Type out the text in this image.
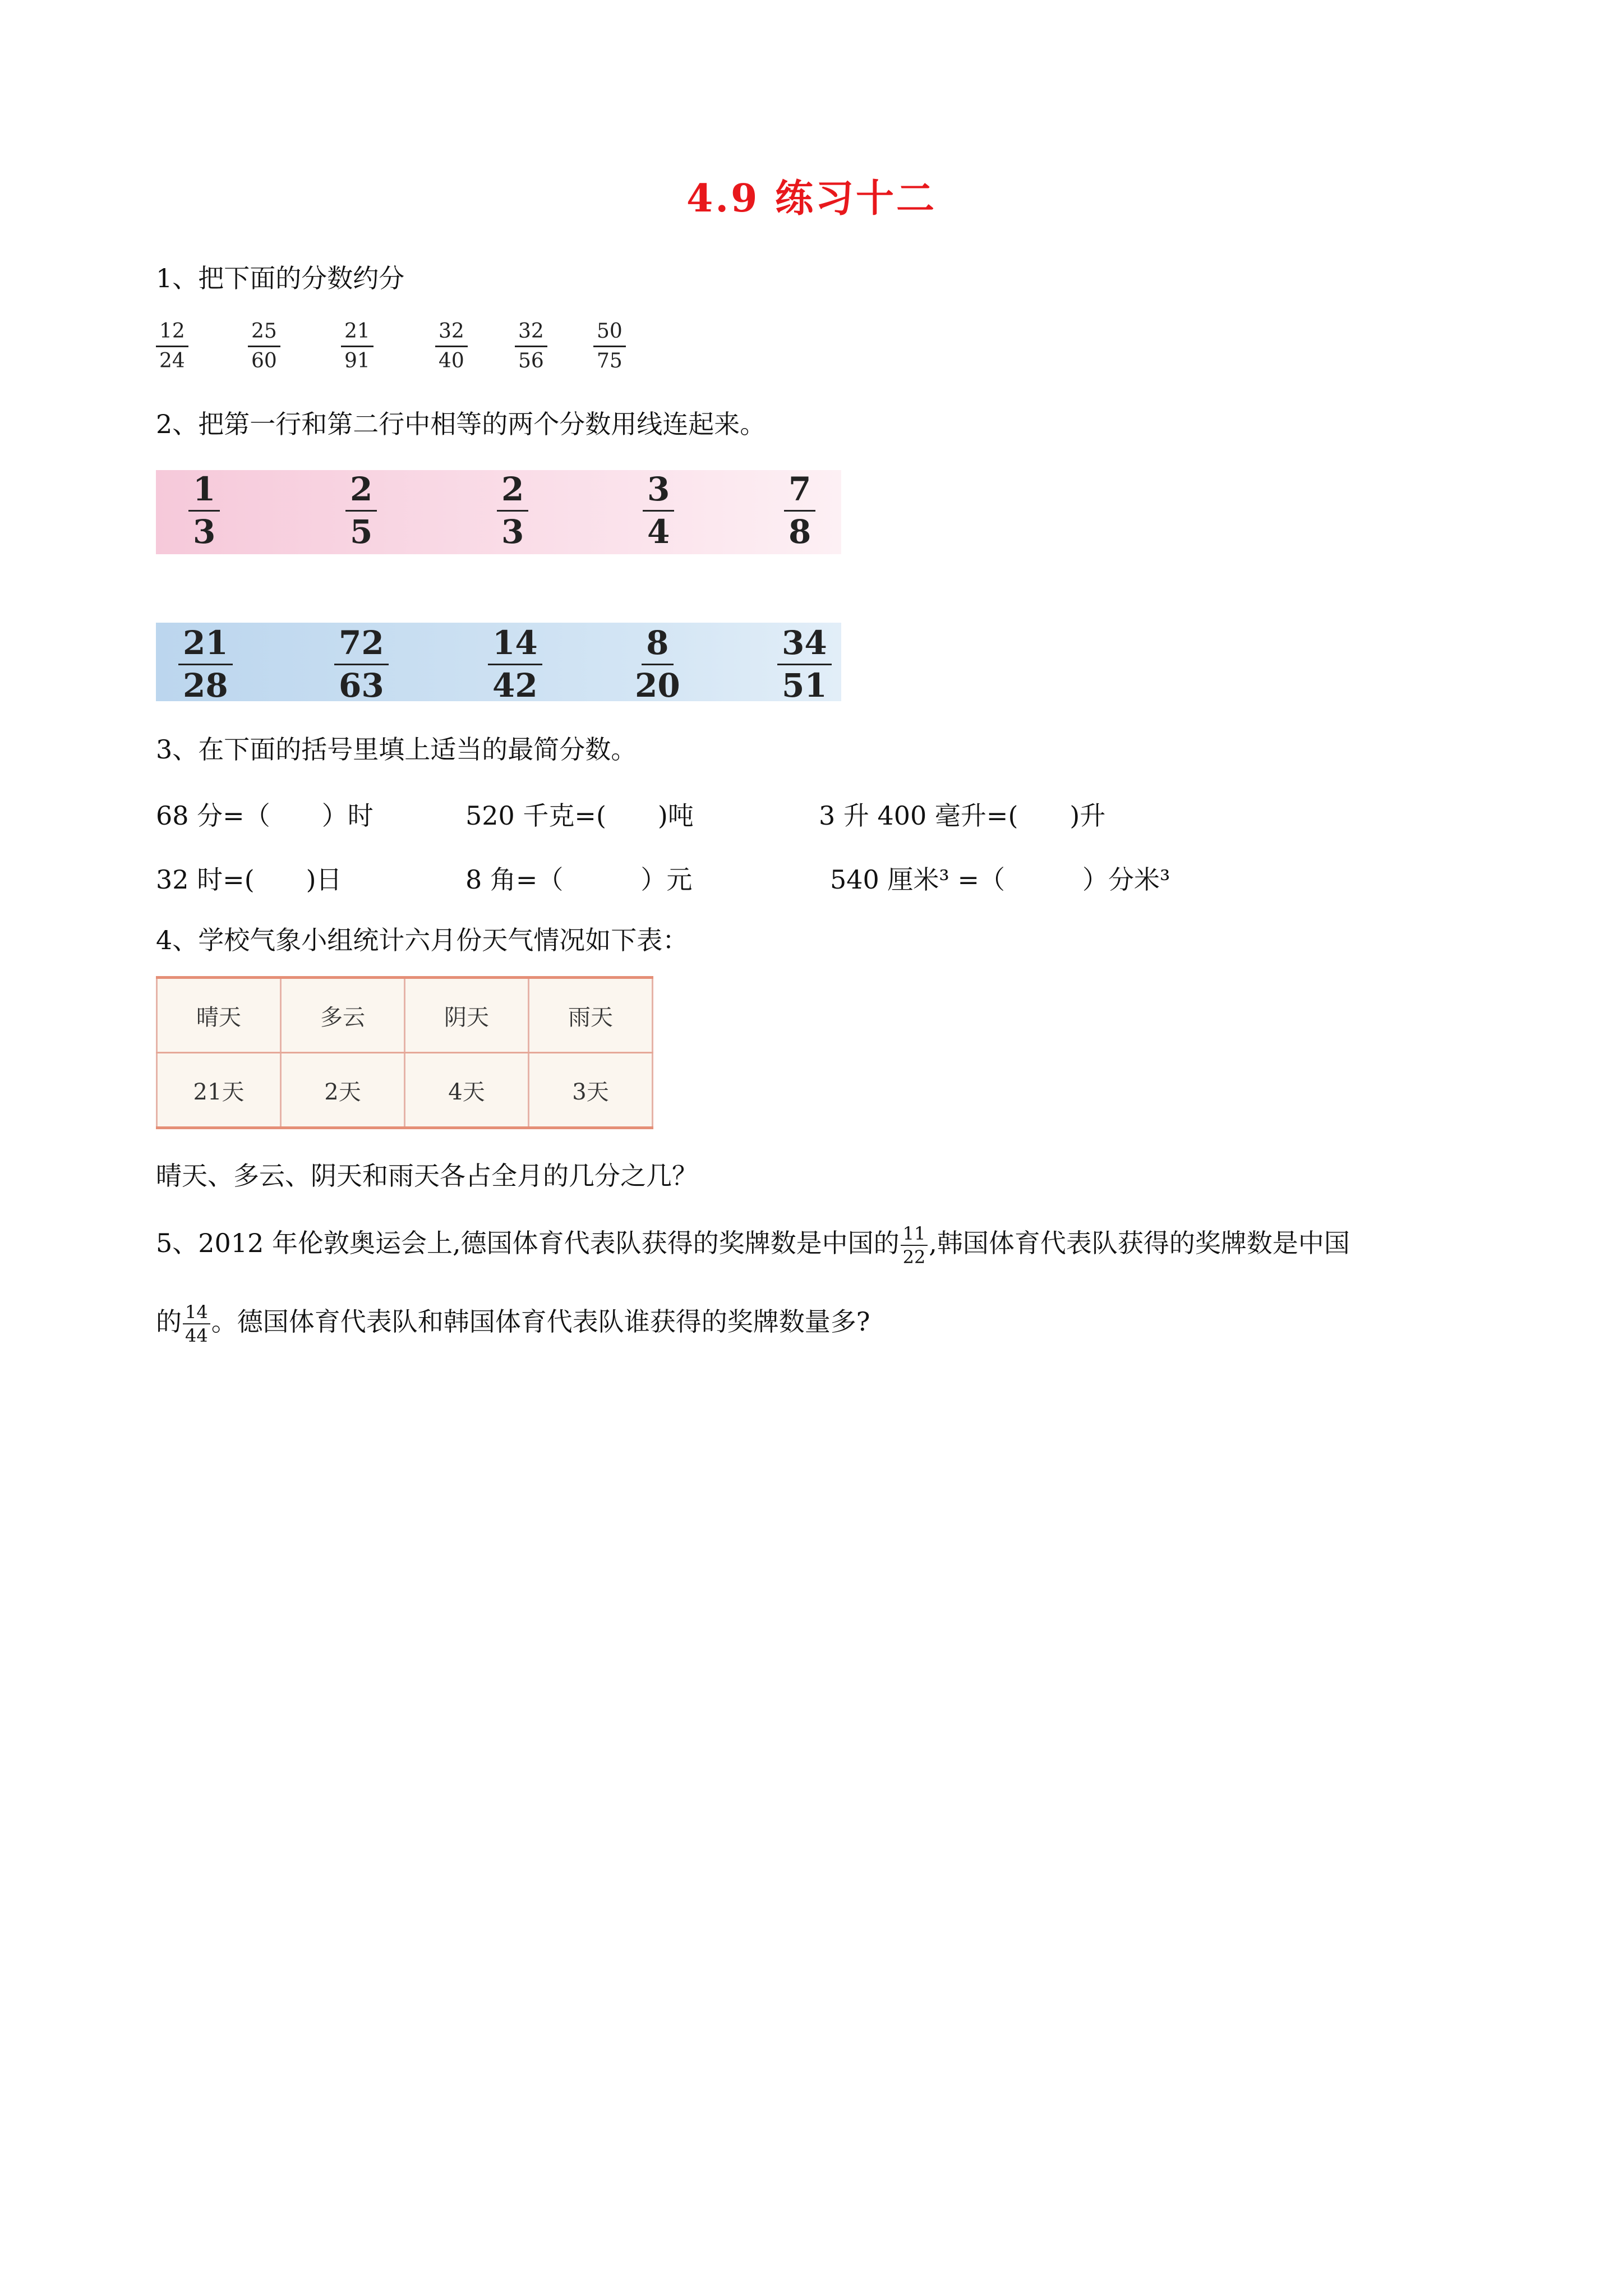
4.9 练习十二
1、把下面的分数约分
$\frac{12}{24}$	$\frac{25}{60}$	$\frac{21}{91}$	$\frac{32}{40} \frac{32}{56} \frac{50}{75}$
2、把第一行和第二行中相等的两个分数用线连起来。
$\frac{1}{3}$	$\frac{2}{5}$	$\frac{2}{3}$	$\frac{3}{4}$	$\frac{7}{8}$
$\frac{21}{28}$	$\frac{72}{63}$	$\frac{14}{42}$	$\frac{8}{20}$	$\frac{34}{51}$
3、在下面的括号里填上适当的最简分数。
68 分=（　　）时	520 千克=(　　)吨	3 升 400 毫升=(　　)升
32 时=(　　)日	8 角=（　　　）元	540 厘米³ =（　　　）分米³
4、学校气象小组统计六月份天气情况如下表：
晴天	多云	阴天	雨天
21天	2天	4天	3天
晴天、多云、阴天和雨天各占全月的几分之几？
5、2012 年伦敦奥运会上,德国体育代表队获得的奖牌数是中国的 $\frac{11}{22}$ ,韩国体育代表队获得的奖牌数是中国
的 $\frac{14}{44}$ 。德国体育代表队和韩国体育代表队谁获得的奖牌数量多?
